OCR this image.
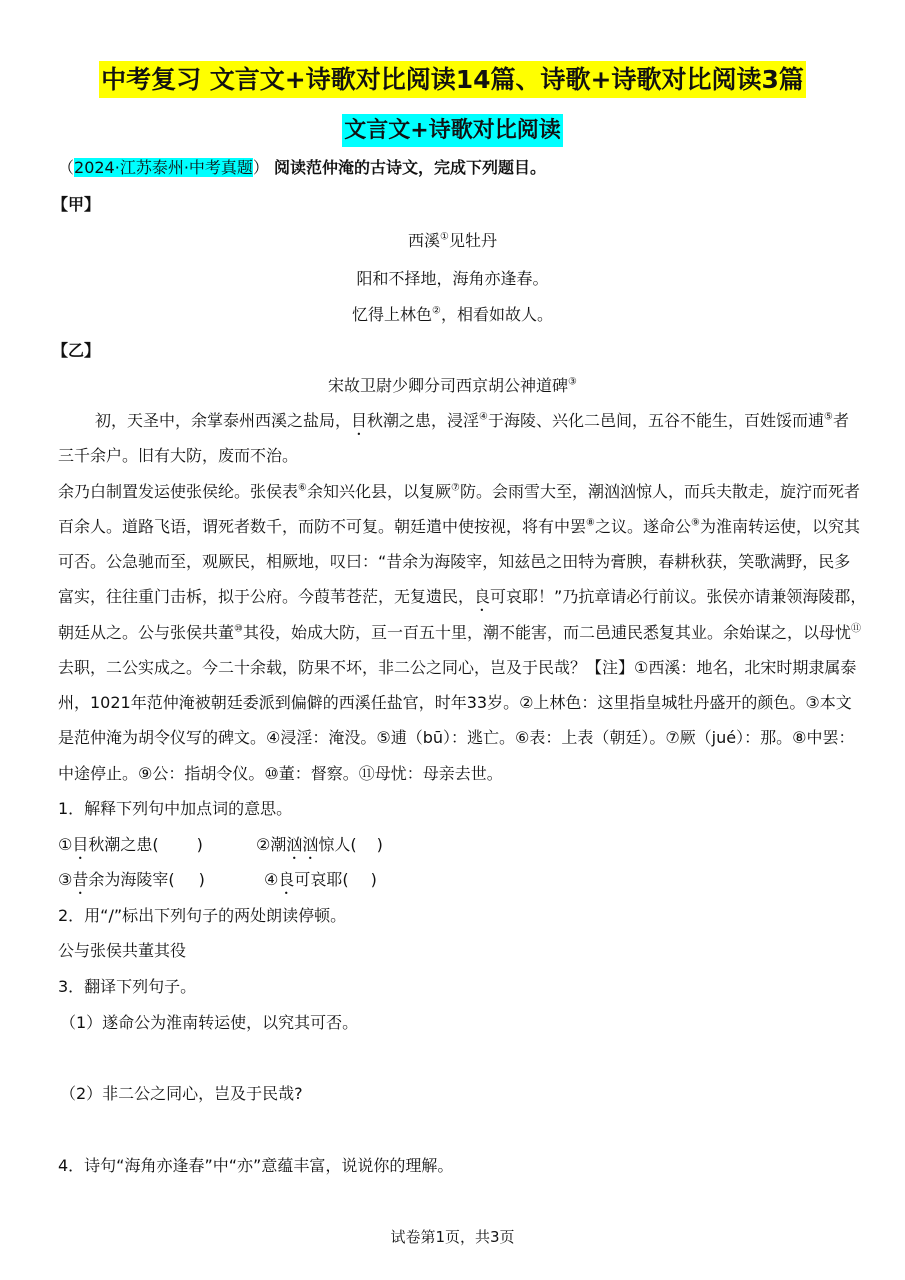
中考复习 文言文+诗歌对比阅读14篇、诗歌+诗歌对比阅读3篇
文言文+诗歌对比阅读
（2024·江苏泰州·中考真题） 阅读范仲淹的古诗文，完成下列题目。
【甲】
西溪①见牡丹
阳和不择地，海角亦逢春。
忆得上林色②，相看如故人。
【乙】
宋故卫尉少卿分司西京胡公神道碑③
初，天圣中，余掌泰州西溪之盐局，目秋潮之患，浸淫④于海陵、兴化二邑间，五谷不能生，百姓馁而逋⑤者
三千余户。旧有大防，废而不治。
余乃白制置发运使张侯纶。张侯表⑥余知兴化县，以复厥⑦防。会雨雪大至，潮汹汹惊人，而兵夫散走，旋泞而死者
百余人。道路飞语，谓死者数千，而防不可复。朝廷遣中使按视，将有中罢⑧之议。遂命公⑨为淮南转运使，以究其
可否。公急驰而至，观厥民，相厥地，叹曰：“昔余为海陵宰，知兹邑之田特为膏腴，春耕秋获，笑歌满野，民多
富实，往往重门击柝，拟于公府。今葭苇苍茫，无复遗民，良可哀耶！”乃抗章请必行前议。张侯亦请兼领海陵郡，
朝廷从之。公与张侯共董⑩其役，始成大防，亘一百五十里，潮不能害，而二邑逋民悉复其业。余始谋之，以母忧⑪
去职，二公实成之。今二十余载，防果不坏，非二公之同心，岂及于民哉？【注】①西溪：地名，北宋时期隶属泰
州，1021年范仲淹被朝廷委派到偏僻的西溪任盐官，时年33岁。②上林色：这里指皇城牡丹盛开的颜色。③本文
是范仲淹为胡令仪写的碑文。④浸淫：淹没。⑤逋（bū）：逃亡。⑥表：上表（朝廷）。⑦厥（jué）：那。⑧中罢：
中途停止。⑨公：指胡令仪。⑩董：督察。⑪母忧：母亲去世。
1．解释下列句中加点词的意思。
①目秋潮之患( )	②潮汹汹惊人( )
③昔余为海陵宰( )	④良可哀耶( )
2．用“/”标出下列句子的两处朗读停顿。
公与张侯共董其役
3．翻译下列句子。
（1）遂命公为淮南转运使，以究其可否。
（2）非二公之同心，岂及于民哉?
4．诗句“海角亦逢春”中“亦”意蕴丰富，说说你的理解。
试卷第1页，共3页
